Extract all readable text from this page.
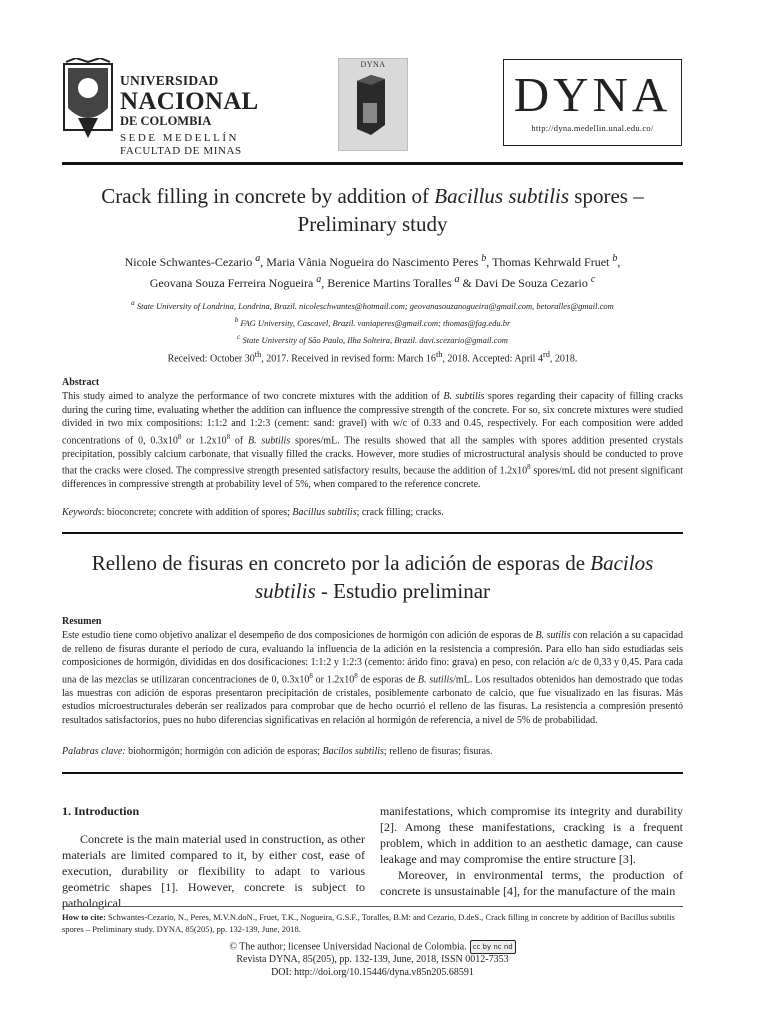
UNIVERSIDAD
NACIONAL
DE COLOMBIA
SEDE MEDELLÍN
FACULTAD DE MINAS
DYNA
DYNA
http://dyna.medellin.unal.edu.co/
Crack filling in concrete by addition of Bacillus subtilis spores –
Preliminary study
Nicole Schwantes-Cezario $^a$, Maria Vânia Nogueira do Nascimento Peres $^b$, Thomas Kehrwald Fruet $^b$,
Geovana Souza Ferreira Nogueira $^a$, Berenice Martins Toralles $^a$ & Davi De Souza Cezario $^c$
$^a$ State University of Londrina, Londrina, Brazil. nicoleschwantes@hotmail.com; geovanasouzanogueira@gmail.com, betoralles@gmail.com
$^b$ FAG University, Cascavel, Brazil. vaniaperes@gmail.com; thomas@fag.edu.br
$^c$ State University of São Paulo, Ilha Solteira, Brazil. davi.scezario@gmail.com
Received: October 30th, 2017. Received in revised form: March 16th, 2018. Accepted: April 4rd, 2018.
Abstract
This study aimed to analyze the performance of two concrete mixtures with the addition of B. subtilis spores regarding their capacity of filling cracks during the curing time, evaluating whether the addition can influence the compressive strength of the concrete. For so, six concrete mixtures were studied divided in two mix compositions: 1:1:2 and 1:2:3 (cement: sand: gravel) with w/c of 0.33 and 0.45, respectively. For each composition were added concentrations of 0, $0.3x10^8$ or $1.2x10^8$ of B. subtilis spores/mL. The results showed that all the samples with spores addition presented crystals precipitation, possibly calcium carbonate, that visually filled the cracks. However, more studies of microstructural analysis should be conducted to prove that the cracks were closed. The compressive strength presented satisfactory results, because the addition of $1.2x10^8$ spores/mL did not present significant differences in compressive strength at probability level of 5%, when compared to the reference concrete.
Keywords: bioconcrete; concrete with addition of spores; Bacillus subtilis; crack filling; cracks.
Relleno de fisuras en concreto por la adición de esporas de Bacilos
subtilis - Estudio preliminar
Resumen
Este estudio tiene como objetivo analizar el desempeño de dos composiciones de hormigón con adición de esporas de B. sutilis con relación a su capacidad de relleno de fisuras durante el período de cura, evaluando la influencia de la adición en la resistencia a compresión. Para ello han sido estudiadas seis composiciones de hormigón, divididas en dos dosificaciones: 1:1:2 y 1:2:3 (cemento: árido fino: grava) en peso, con relación a/c de 0,33 y 0,45. Para cada una de las mezclas se utilizaran concentraciones de 0, $0.3x10^8$ or $1.2x10^8$ de esporas de B. sutilis/mL. Los resultados obtenidos han demostrado que todas las muestras con adición de esporas presentaron precipitación de cristales, posiblemente carbonato de calcio, que fue visualizado en las fisuras. Más estudios microestructurales deberán ser realizados para comprobar que de hecho ocurrió el relleno de las fisuras. La resistencia a compresión presentó resultados satisfactorios, pues no hubo diferencias significativas en relación al hormigón de referencia, a nivel de 5% de probabilidad.
Palabras clave: biohormigón; hormigón con adición de esporas; Bacilos subtilis; relleno de fisuras; fisuras.
1. Introduction
Concrete is the main material used in construction, as other materials are limited compared to it, by either cost, ease of execution, durability or flexibility to adapt to various geometric shapes [1]. However, concrete is subject to pathological
manifestations, which compromise its integrity and durability [2]. Among these manifestations, cracking is a frequent problem, which in addition to an aesthetic damage, can cause leakage and may compromise the entire structure [3].
Moreover, in environmental terms, the production of concrete is unsustainable [4], for the manufacture of the main
How to cite: Schwantes-Cezario, N., Peres, M.V.N.doN., Fruet, T.K., Nogueira, G.S.F., Toralles, B.M: and Cezario, D.deS., Crack filling in concrete by addition of Bacillus subtilis spores – Preliminary study. DYNA, 85(205), pp. 132-139, June, 2018.
© The author; licensee Universidad Nacional de Colombia. cc by nc nd
Revista DYNA, 85(205), pp. 132-139, June, 2018, ISSN 0012-7353
DOI: http://doi.org/10.15446/dyna.v85n205.68591
